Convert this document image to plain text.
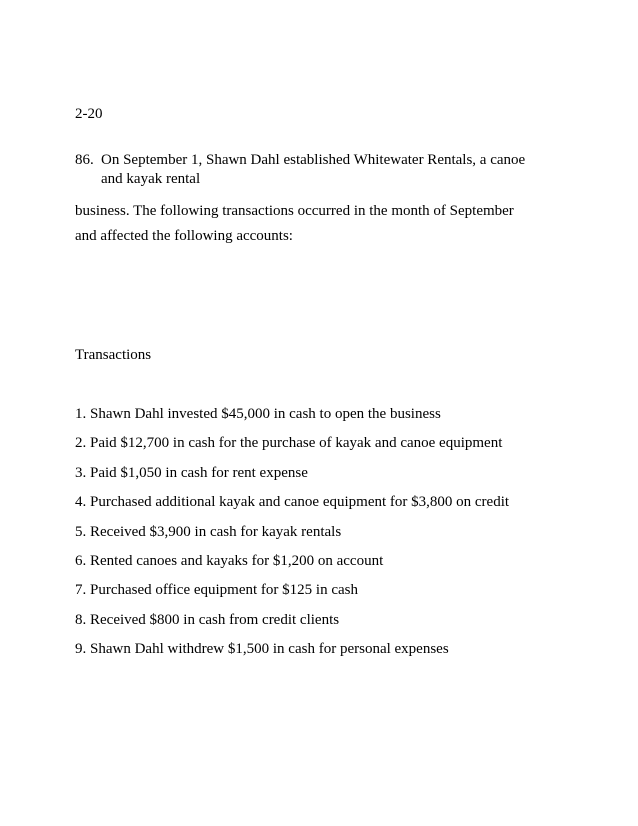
2-20
86. On September 1, Shawn Dahl established Whitewater Rentals, a canoe
and kayak rental
business. The following transactions occurred in the month of September
and affected the following accounts:
Transactions
1. Shawn Dahl invested $45,000 in cash to open the business
2. Paid $12,700 in cash for the purchase of kayak and canoe equipment
3. Paid $1,050 in cash for rent expense
4. Purchased additional kayak and canoe equipment for $3,800 on credit
5. Received $3,900 in cash for kayak rentals
6. Rented canoes and kayaks for $1,200 on account
7. Purchased office equipment for $125 in cash
8. Received $800 in cash from credit clients
9. Shawn Dahl withdrew $1,500 in cash for personal expenses
